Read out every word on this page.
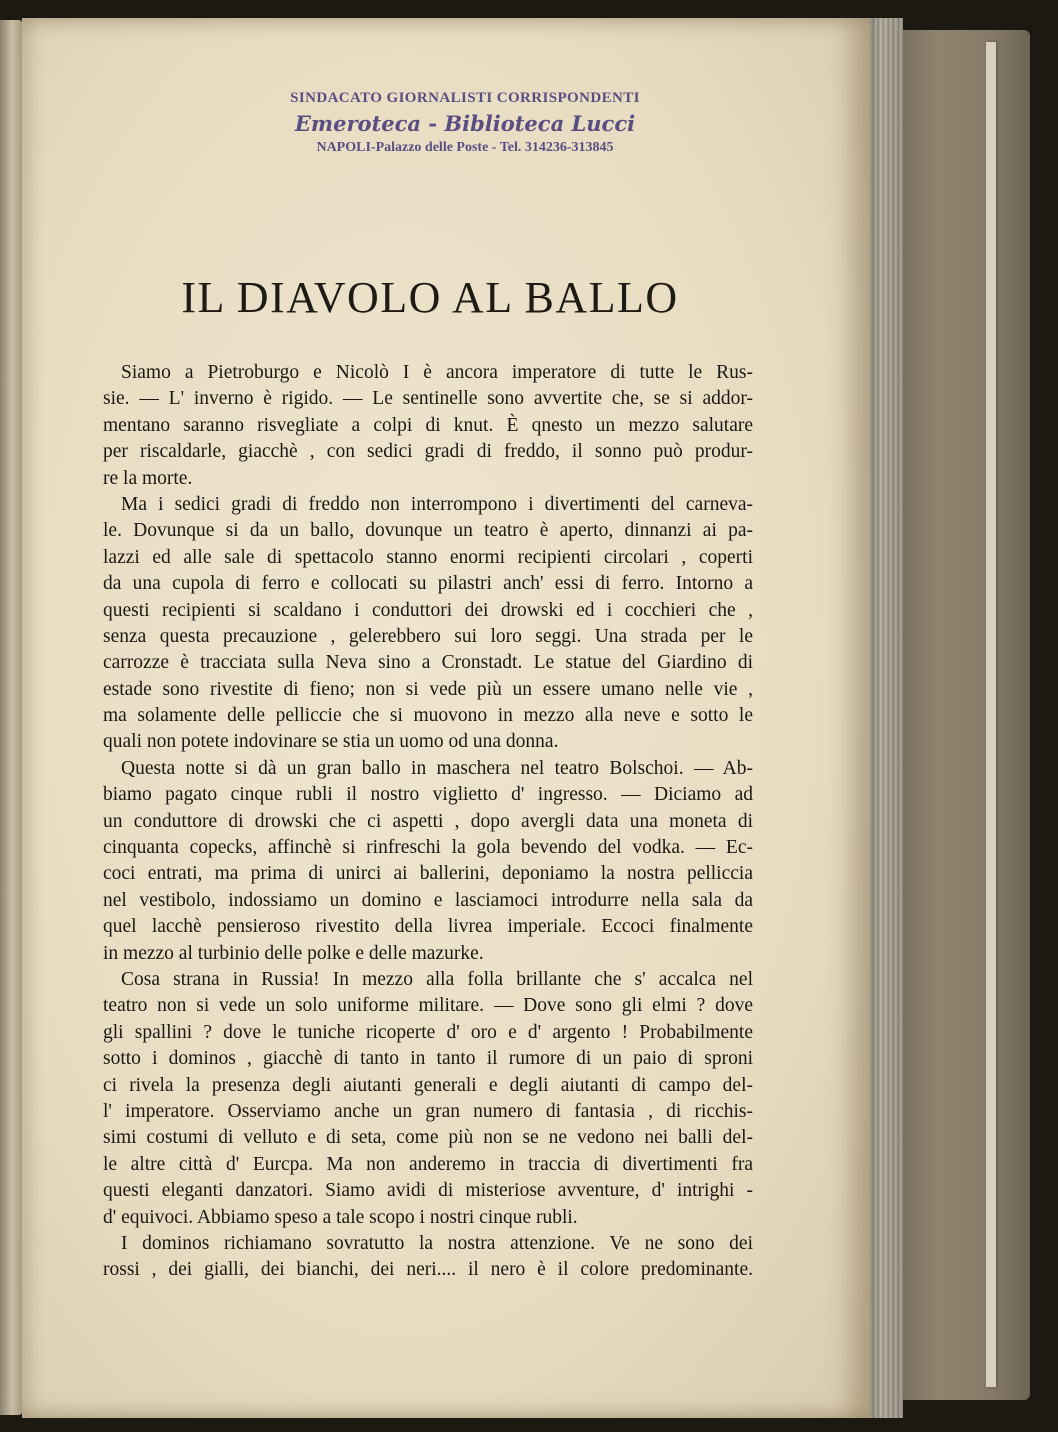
SINDACATO GIORNALISTI CORRISPONDENTI
Emeroteca - Biblioteca Lucci
NAPOLI-Palazzo delle Poste - Tel. 314236-313845
IL DIAVOLO AL BALLO
Siamo a Pietroburgo e Nicolò I è ancora imperatore di tutte le Rus-
sie. — L' inverno è rigido. — Le sentinelle sono avvertite che, se si addor-
mentano saranno risvegliate a colpi di knut. È qnesto un mezzo salutare
per riscaldarle, giacchè , con sedici gradi di freddo, il sonno può produr-
re la morte.
Ma i sedici gradi di freddo non interrompono i divertimenti del carneva-
le. Dovunque si da un ballo, dovunque un teatro è aperto, dinnanzi ai pa-
lazzi ed alle sale di spettacolo stanno enormi recipienti circolari , coperti
da una cupola di ferro e collocati su pilastri anch' essi di ferro. Intorno a
questi recipienti si scaldano i conduttori dei drowski ed i cocchieri che ,
senza questa precauzione , gelerebbero sui loro seggi. Una strada per le
carrozze è tracciata sulla Neva sino a Cronstadt. Le statue del Giardino di
estade sono rivestite di fieno; non si vede più un essere umano nelle vie ,
ma solamente delle pelliccie che si muovono in mezzo alla neve e sotto le
quali non potete indovinare se stia un uomo od una donna.
Questa notte si dà un gran ballo in maschera nel teatro Bolschoi. — Ab-
biamo pagato cinque rubli il nostro viglietto d' ingresso. — Diciamo ad
un conduttore di drowski che ci aspetti , dopo avergli data una moneta di
cinquanta copecks, affinchè si rinfreschi la gola bevendo del vodka. — Ec-
coci entrati, ma prima di unirci ai ballerini, deponiamo la nostra pelliccia
nel vestibolo, indossiamo un domino e lasciamoci introdurre nella sala da
quel lacchè pensieroso rivestito della livrea imperiale. Eccoci finalmente
in mezzo al turbinio delle polke e delle mazurke.
Cosa strana in Russia! In mezzo alla folla brillante che s' accalca nel
teatro non si vede un solo uniforme militare. — Dove sono gli elmi ? dove
gli spallini ? dove le tuniche ricoperte d' oro e d' argento ! Probabilmente
sotto i dominos , giacchè di tanto in tanto il rumore di un paio di sproni
ci rivela la presenza degli aiutanti generali e degli aiutanti di campo del-
l' imperatore. Osserviamo anche un gran numero di fantasia , di ricchis-
simi costumi di velluto e di seta, come più non se ne vedono nei balli del-
le altre città d' Eurcpa. Ma non anderemo in traccia di divertimenti fra
questi eleganti danzatori. Siamo avidi di misteriose avventure, d' intrighi -
d' equivoci. Abbiamo speso a tale scopo i nostri cinque rubli.
I dominos richiamano sovratutto la nostra attenzione. Ve ne sono dei
rossi , dei gialli, dei bianchi, dei neri.... il nero è il colore predominante.
